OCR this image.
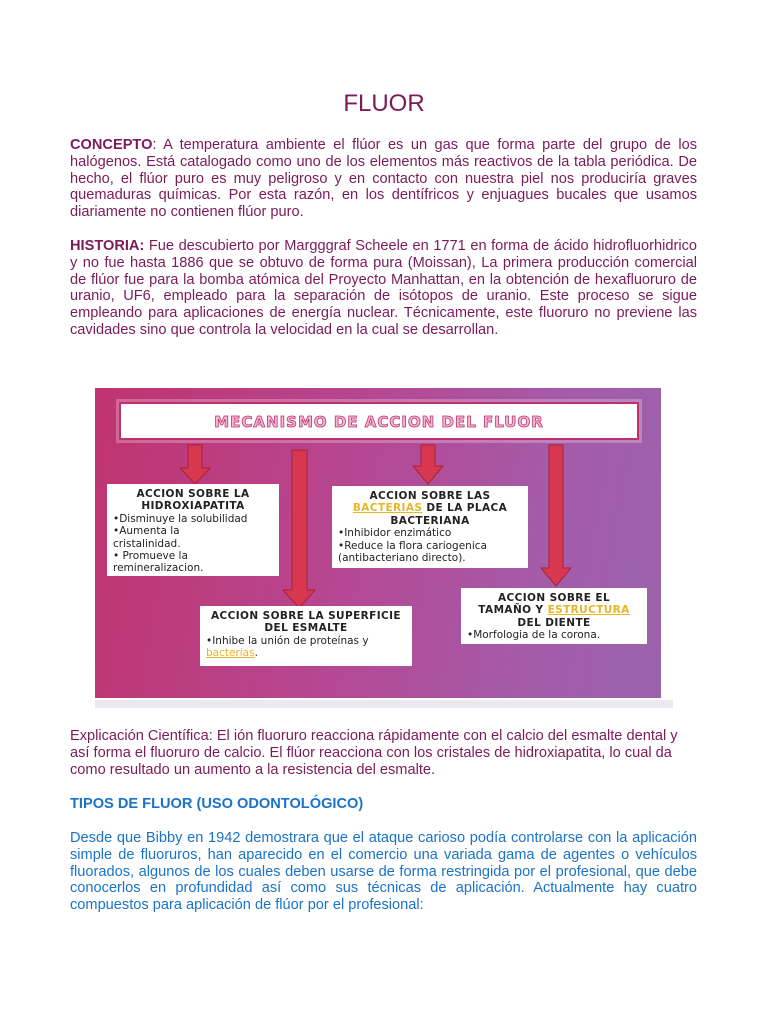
FLUOR
CONCEPTO: A temperatura ambiente el flúor es un gas que forma parte del grupo de los halógenos. Está catalogado como uno de los elementos más reactivos de la tabla periódica. De hecho, el flúor puro es muy peligroso y en contacto con nuestra piel nos produciría graves quemaduras químicas. Por esta razón, en los dentífricos y enjuagues bucales que usamos diariamente no contienen flúor puro.
HISTORIA: Fue descubierto por Margggraf Scheele en 1771 en forma de ácido hidrofluorhidrico y no fue hasta 1886 que se obtuvo de forma pura (Moissan), La primera producción comercial de flúor fue para la bomba atómica del Proyecto Manhattan, en la obtención de hexafluoruro de uranio, UF6, empleado para la separación de isótopos de uranio. Este proceso se sigue empleando para aplicaciones de energía nuclear. Técnicamente, este fluoruro no previene las cavidades sino que controla la velocidad en la cual se desarrollan.
MECANISMO DE ACCION DEL FLUOR
ACCION SOBRE LA
HIDROXIAPATITA
•Disminuye la solubilidad
•Aumenta la
cristalinidad.
• Promueve la
remineralizacion.
ACCION SOBRE LAS
BACTERIAS DE LA PLACA
BACTERIANA
•Inhibidor enzimático
•Reduce la flora cariogenica
(antibacteriano directo).
ACCION SOBRE LA SUPERFICIE
DEL ESMALTE
•Inhibe la unión de proteínas y
bacterias.
ACCION SOBRE EL
TAMAÑO Y ESTRUCTURA
DEL DIENTE
•Morfologia de la corona.
Explicación Científica: El ión fluoruro reacciona rápidamente con el calcio del esmalte dental y así forma el fluoruro de calcio. El flúor reacciona con los cristales de hidroxiapatita, lo cual da como resultado un aumento a la resistencia del esmalte.
TIPOS DE FLUOR (USO ODONTOLÓGICO)
Desde que Bibby en 1942 demostrara que el ataque carioso podía controlarse con la aplicación simple de fluoruros, han aparecido en el comercio una variada gama de agentes o vehículos fluorados, algunos de los cuales deben usarse de forma restringida por el profesional, que debe conocerlos en profundidad así como sus técnicas de aplicación. Actualmente hay cuatro compuestos para aplicación de flúor por el profesional:
